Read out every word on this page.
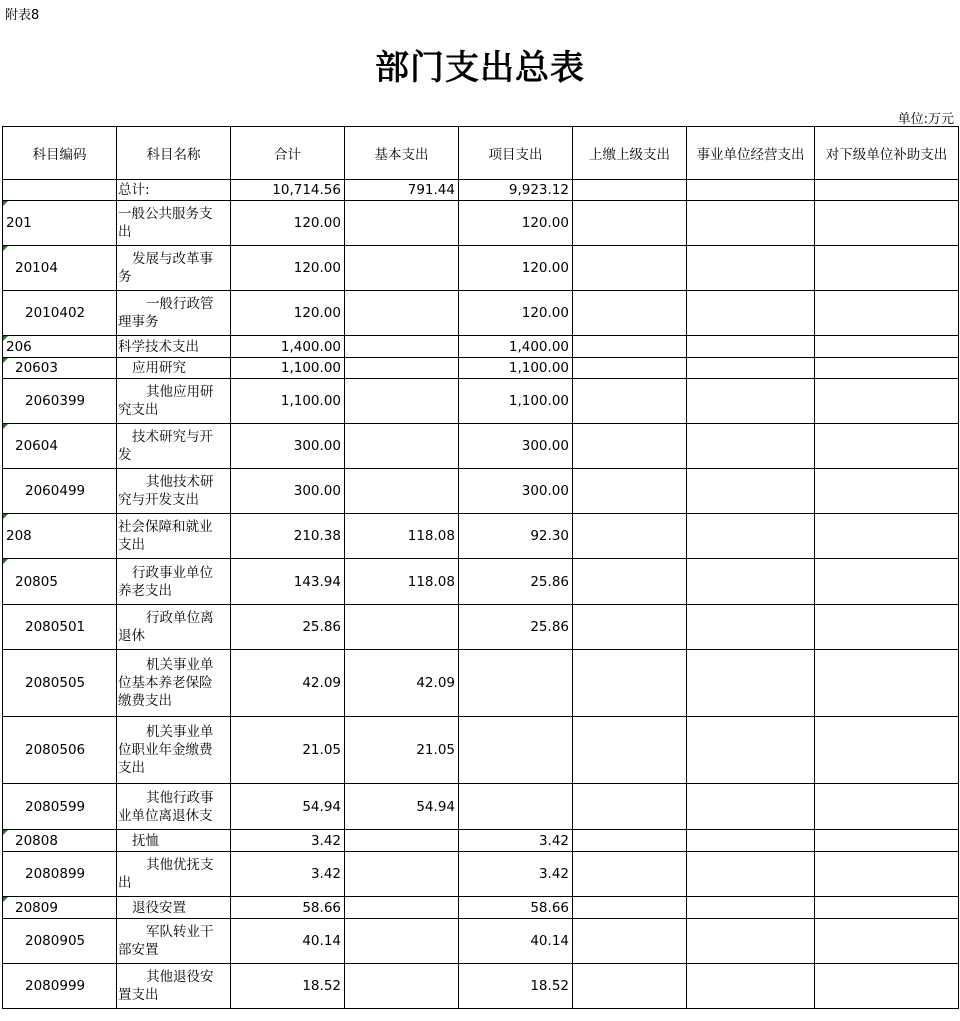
附表8
部门支出总表
单位:万元
科目编码	科目名称	合计	基本支出	项目支出	上缴上级支出	事业单位经营支出	对下级单位补助支出
	总计:	10,714.56	791.44	9,923.12			

201	一般公共服务支
出	120.00		120.00			

20104	发展与改革事
务	120.00		120.00			
2010402	一般行政管
理事务	120.00		120.00			

206	科学技术支出	1,400.00		1,400.00			

20603	应用研究	1,100.00		1,100.00			
2060399	其他应用研
究支出	1,100.00		1,100.00			

20604	技术研究与开
发	300.00		300.00			
2060499	其他技术研
究与开发支出	300.00		300.00			

208	社会保障和就业
支出	210.38	118.08	92.30			

20805	行政事业单位
养老支出	143.94	118.08	25.86			
2080501	行政单位离
退休	25.86		25.86			
2080505	机关事业单
位基本养老保险
缴费支出	42.09	42.09				
2080506	机关事业单
位职业年金缴费
支出	21.05	21.05				
2080599	其他行政事
业单位离退休支	54.94	54.94				

20808	抚恤	3.42		3.42			
2080899	其他优抚支
出	3.42		3.42			

20809	退役安置	58.66		58.66			
2080905	军队转业干
部安置	40.14		40.14			
2080999	其他退役安
置支出	18.52		18.52			
